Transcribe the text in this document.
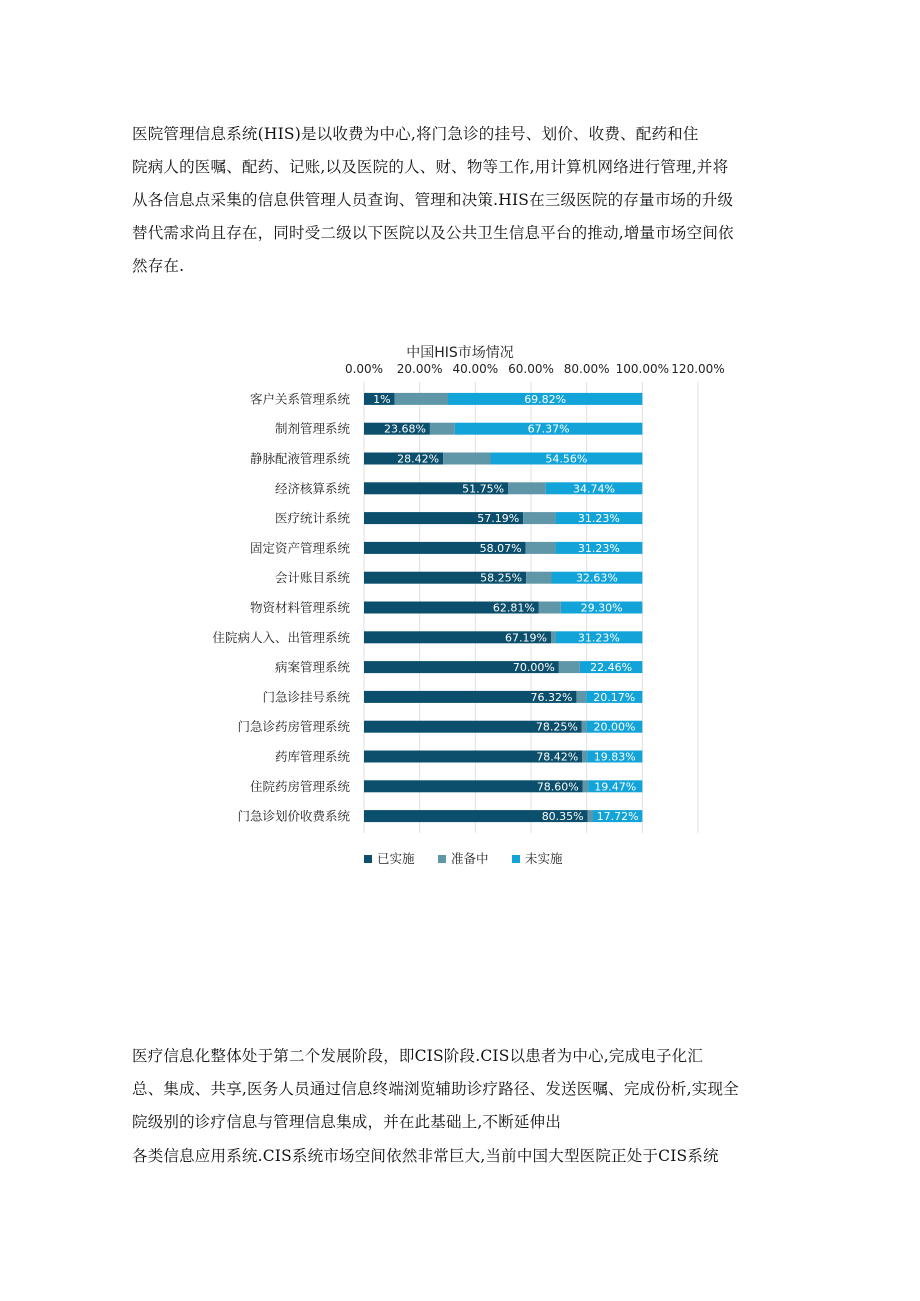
医院管理信息系统(HIS)是以收费为中心,将门急诊的挂号、划价、收费、配药和住
院病人的医嘱、配药、记账,以及医院的人、财、物等工作,用计算机网络进行管理,并将
从各信息点采集的信息供管理人员查询、管理和决策.HIS在三级医院的存量市场的升级
替代需求尚且存在，同时受二级以下医院以及公共卫生信息平台的推动,增量市场空间依
然存在.
中国HIS市场情况
0.00% 20.00% 40.00% 60.00% 80.00% 100.00% 120.00%
客户关系管理系统 1%	69.82%
制剂管理系统	23.68%	67.37%
静脉配液管理系统	28.42%	54.56%
经济核算系统	51.75%	34.74%
医疗统计系统	57.19%	31.23%
固定资产管理系统	58.07%	31.23%
会计账目系统	58.25%	32.63%
物资材料管理系统	62.81%	29.30%
住院病人入、出管理系统	67.19%	31.23%
病案管理系统	70.00%	22.46%
门急诊挂号系统	76.32% 20.17%
门急诊药房管理系统	78.25% 20.00%
药库管理系统	78.42% 19.83%
住院药房管理系统	78.60% 19.47%
门急诊划价收费系统	80.35% 17.72%
已实施	准备中	未实施
医疗信息化整体处于第二个发展阶段，即CIS阶段.CIS以患者为中心,完成电子化汇
总、集成、共享,医务人员通过信息终端浏览辅助诊疗路径、发送医嘱、完成份析,实现全
院级别的诊疗信息与管理信息集成，并在此基础上,不断延伸出
各类信息应用系统.CIS系统市场空间依然非常巨大,当前中国大型医院正处于CIS系统
